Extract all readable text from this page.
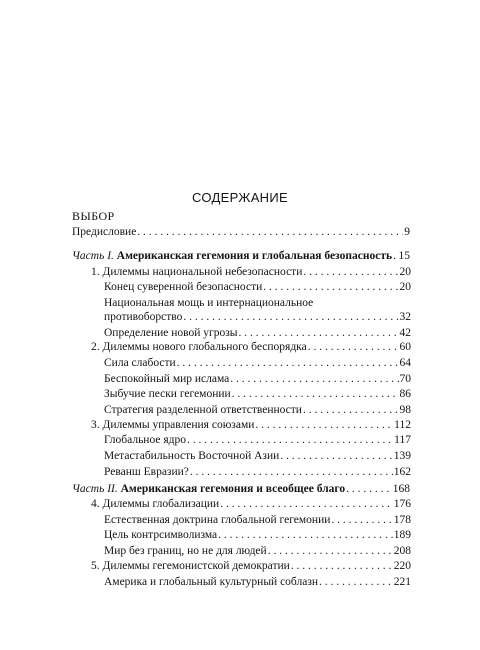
СОДЕРЖАНИЕ
ВЫБОР
Предисловие . . .	9
Часть I. Американская гегемония и глобальная безопасность . . . 15
1. Дилеммы национальной небезопасности . . .	20
Конец суверенной безопасности . . .	20
Национальная мощь и интернациональное
противоборство . . .	32
Определение новой угрозы . . .	42
2. Дилеммы нового глобального беспорядка . . .	60
Сила слабости . . .	64
Беспокойный мир ислама . . .	70
Зыбучие пески гегемонии . . .	86
Стратегия разделенной ответственности . . .	98
3. Дилеммы управления союзами . . .	112
Глобальное ядро . . .	117
Метастабильность Восточной Азии . . .	139
Реванш Евразии? . . .	162
Часть II. Американская гегемония и всеобщее благо . . .	168
4. Дилеммы глобализации . . .	176
Естественная доктрина глобальной гегемонии . . .	178
Цель контрсимволизма . . .	189
Мир без границ, но не для людей . . .	208
5. Дилеммы гегемонистской демократии . . .	220
Америка и глобальный культурный соблазн . . .	221
